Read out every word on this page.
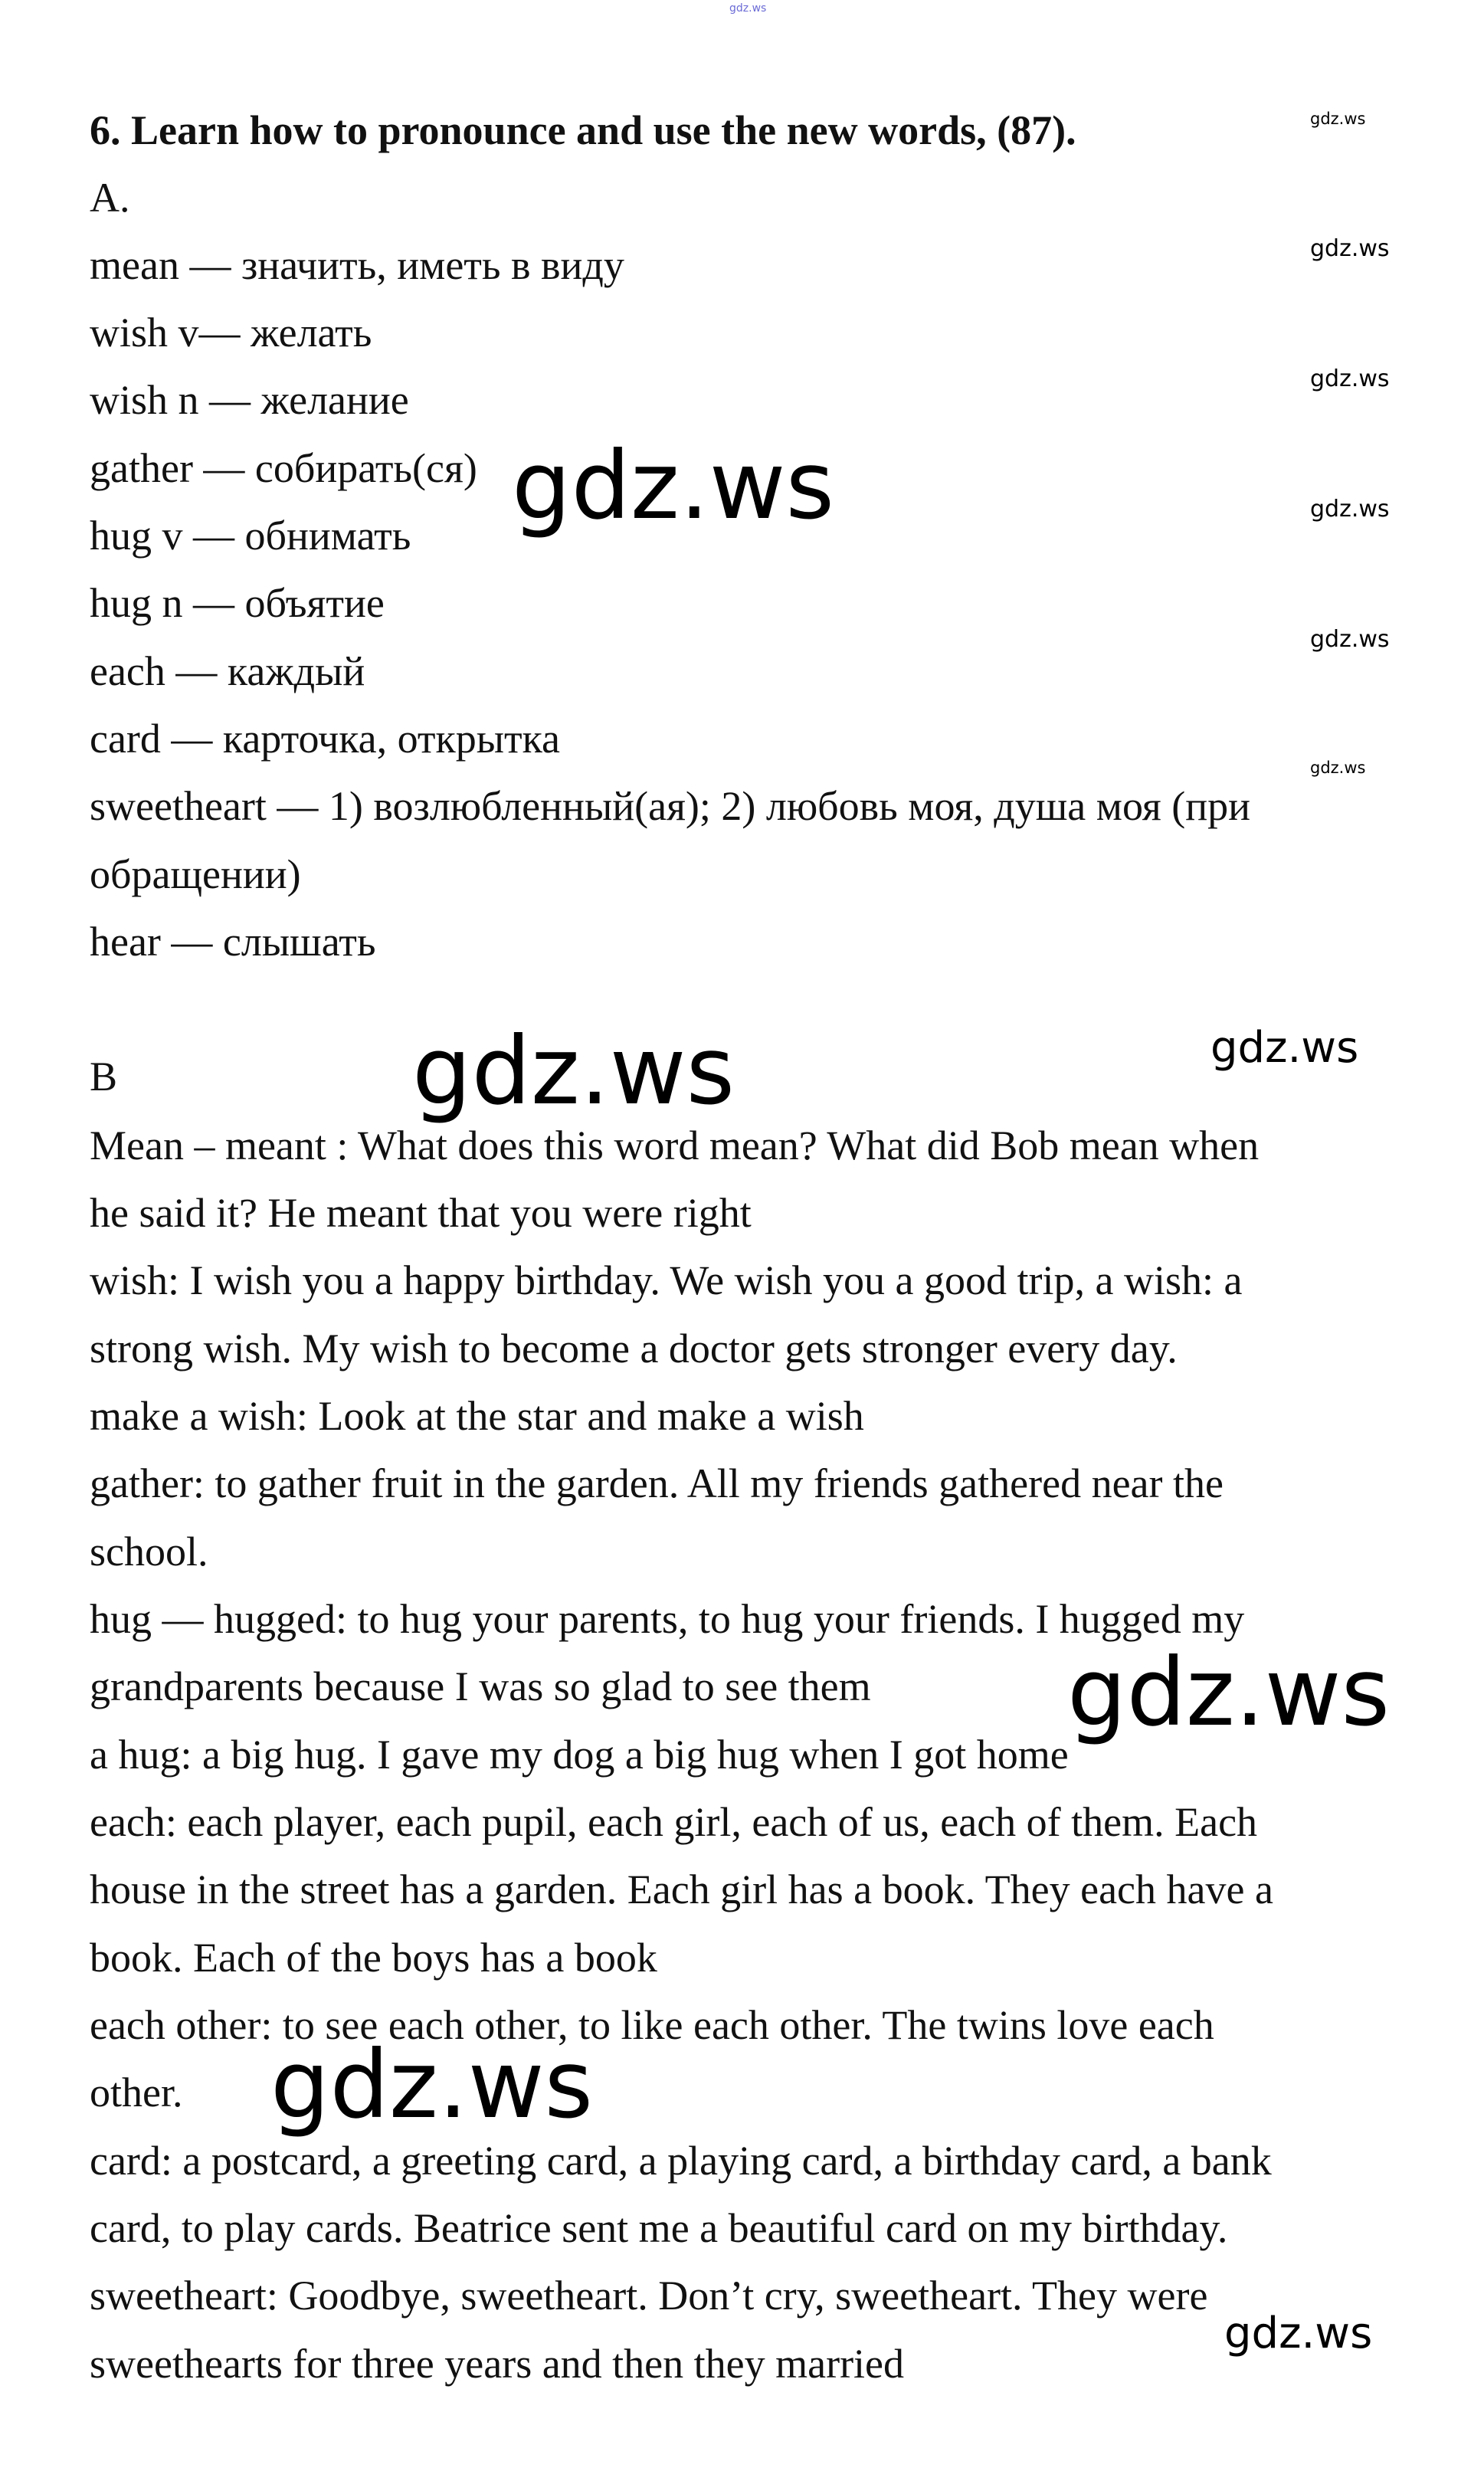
6. Learn how to pronounce and use the new words, (87).
A.
mean — значить, иметь в виду
wish v— желать
wish n — желание
gather — собирать(ся)
hug v — обнимать
hug n — объятие
each — каждый
card — карточка, открытка
sweetheart — 1) возлюбленный(ая); 2) любовь моя, душа моя (при
обращении)
hear — слышать
B
Mean – meant : What does this word mean? What did Bob mean when
he said it? He meant that you were right
wish: I wish you a happy birthday. We wish you a good trip, a wish: a
strong wish. My wish to become a doctor gets stronger every day.
make a wish: Look at the star and make a wish
gather: to gather fruit in the garden. All my friends gathered near the
school.
hug — hugged: to hug your parents, to hug your friends. I hugged my
grandparents because I was so glad to see them
a hug: a big hug. I gave my dog a big hug when I got home
each: each player, each pupil, each girl, each of us, each of them. Each
house in the street has a garden. Each girl has a book. They each have a
book. Each of the boys has a book
each other: to see each other, to like each other. The twins love each
other.
card: a postcard, a greeting card, a playing card, a birthday card, a bank
card, to play cards. Beatrice sent me a beautiful card on my birthday.
sweetheart: Goodbye, sweetheart. Don’t cry, sweetheart. They were
sweethearts for three years and then they married
gdz.ws
gdz.ws
gdz.ws
gdz.ws
gdz.ws
gdz.ws
gdz.ws
gdz.ws
gdz.ws	gdz.ws
gdz.ws
gdz.ws
gdz.ws
